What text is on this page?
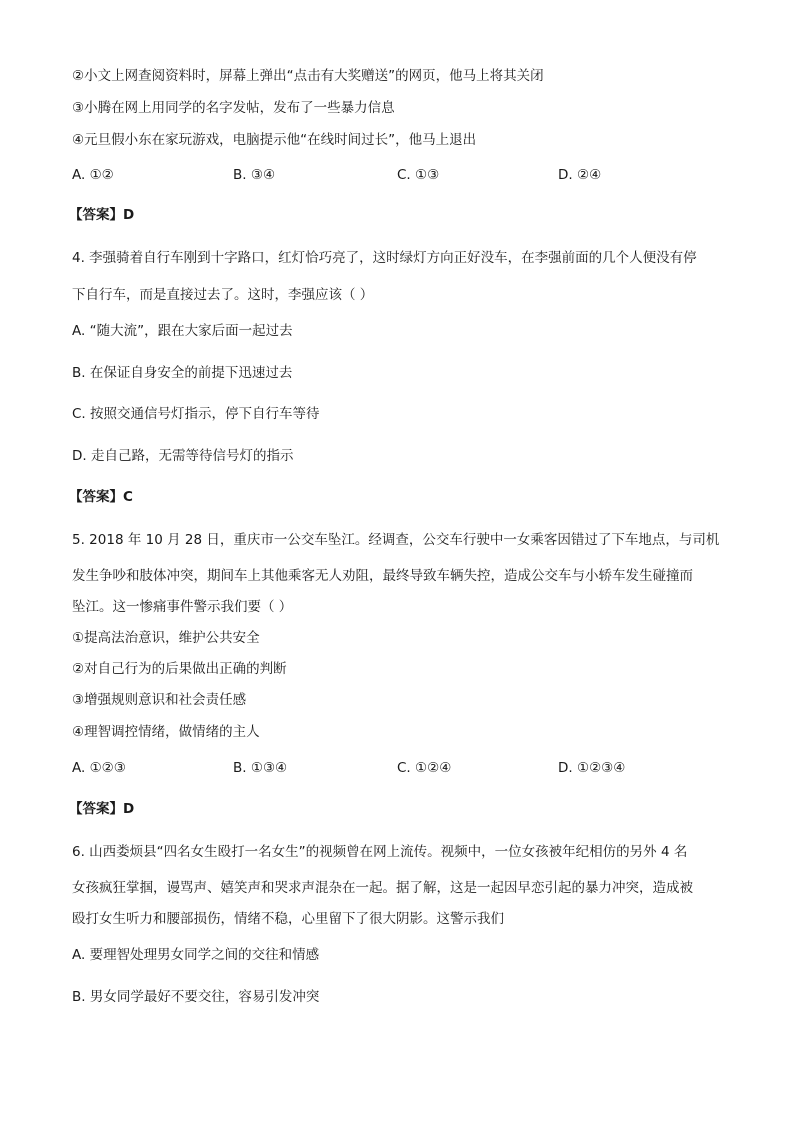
②小文上网查阅资料时，屏幕上弹出“点击有大奖赠送”的网页，他马上将其关闭
③小腾在网上用同学的名字发帖，发布了一些暴力信息
④元旦假小东在家玩游戏，电脑提示他“在线时间过长”，他马上退出
A. ①②	B. ③④	C. ①③	D. ②④
【答案】D
4. 李强骑着自行车刚到十字路口，红灯恰巧亮了，这时绿灯方向正好没车，在李强前面的几个人便没有停
下自行车，而是直接过去了。这时，李强应该（ ）
A. “随大流”，跟在大家后面一起过去
B. 在保证自身安全的前提下迅速过去
C. 按照交通信号灯指示，停下自行车等待
D. 走自己路，无需等待信号灯的指示
【答案】C
5. 2018 年 10 月 28 日，重庆市一公交车坠江。经调查，公交车行驶中一女乘客因错过了下车地点，与司机
发生争吵和肢体冲突，期间车上其他乘客无人劝阻，最终导致车辆失控，造成公交车与小轿车发生碰撞而
坠江。这一惨痛事件警示我们要（ ）
①提高法治意识，维护公共安全
②对自己行为的后果做出正确的判断
③增强规则意识和社会责任感
④理智调控情绪，做情绪的主人
A. ①②③	B. ①③④	C. ①②④	D. ①②③④
【答案】D
6. 山西娄烦县“四名女生殴打一名女生”的视频曾在网上流传。视频中，一位女孩被年纪相仿的另外 4 名
女孩疯狂掌掴，谩骂声、嬉笑声和哭求声混杂在一起。据了解，这是一起因早恋引起的暴力冲突，造成被
殴打女生听力和腰部损伤，情绪不稳，心里留下了很大阴影。这警示我们
A. 要理智处理男女同学之间的交往和情感
B. 男女同学最好不要交往，容易引发冲突
